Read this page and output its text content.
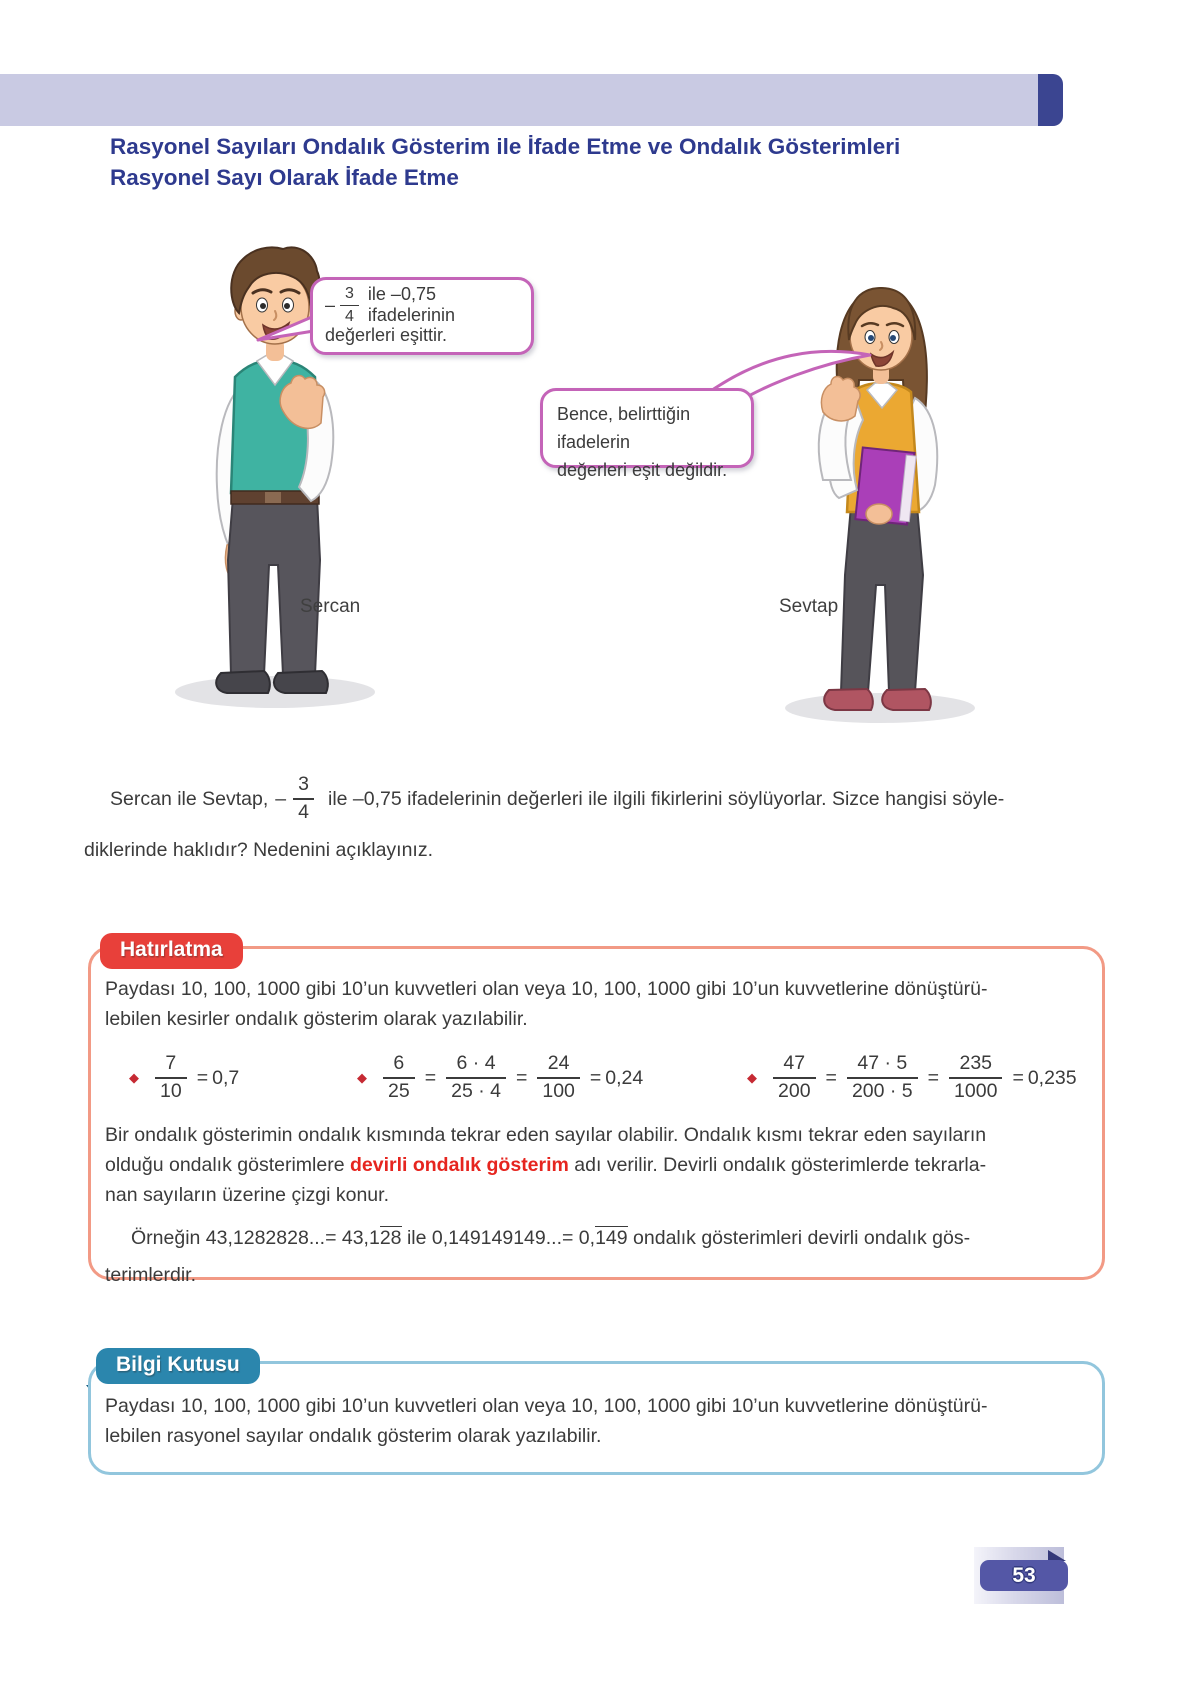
Rasyonel Sayıları Ondalık Gösterim ile İfade Etme ve Ondalık Gösterimleri
Rasyonel Sayı Olarak İfade Etme
– $\frac{3}{4}$ ile –0,75 ifadelerinin
değerleri eşittir.
Bence, belirttiğin ifadelerin
değerleri eşit değildir.
Sercan	Sevtap
Sercan ile Sevtap, – $\frac{3}{4}$ ile –0,75 ifadelerinin değerleri ile ilgili fikirlerini söylüyorlar. Sizce hangisi söyle-
diklerinde haklıdır? Nedenini açıklayınız.
Hatırlatma
Paydası 10, 100, 1000 gibi 10’un kuvvetleri olan veya 10, 100, 1000 gibi 10’un kuvvetlerine dönüştürü-
lebilen kesirler ondalık gösterim olarak yazılabilir.
◆ $\frac{7}{10} = 0,7$	◆ $\frac{6}{25} = \frac{6 \cdot 4}{25 \cdot 4} = \frac{24}{100} = 0,24$	◆ $\frac{47}{200} = \frac{47 \cdot 5}{200 \cdot 5} = \frac{235}{1000} = 0,235$
Bir ondalık gösterimin ondalık kısmında tekrar eden sayılar olabilir. Ondalık kısmı tekrar eden sayıların
olduğu ondalık gösterimlere devirli ondalık gösterim adı verilir. Devirli ondalık gösterimlerde tekrarla-
nan sayıların üzerine çizgi konur.
Örneğin 43,1282828...= 43,128 ile 0,149149149...= 0,149 ondalık gösterimleri devirli ondalık gös-
terimlerdir.
Bilgi Kutusu
Paydası 10, 100, 1000 gibi 10’un kuvvetleri olan veya 10, 100, 1000 gibi 10’un kuvvetlerine dönüştürü-
lebilen rasyonel sayılar ondalık gösterim olarak yazılabilir.
53
